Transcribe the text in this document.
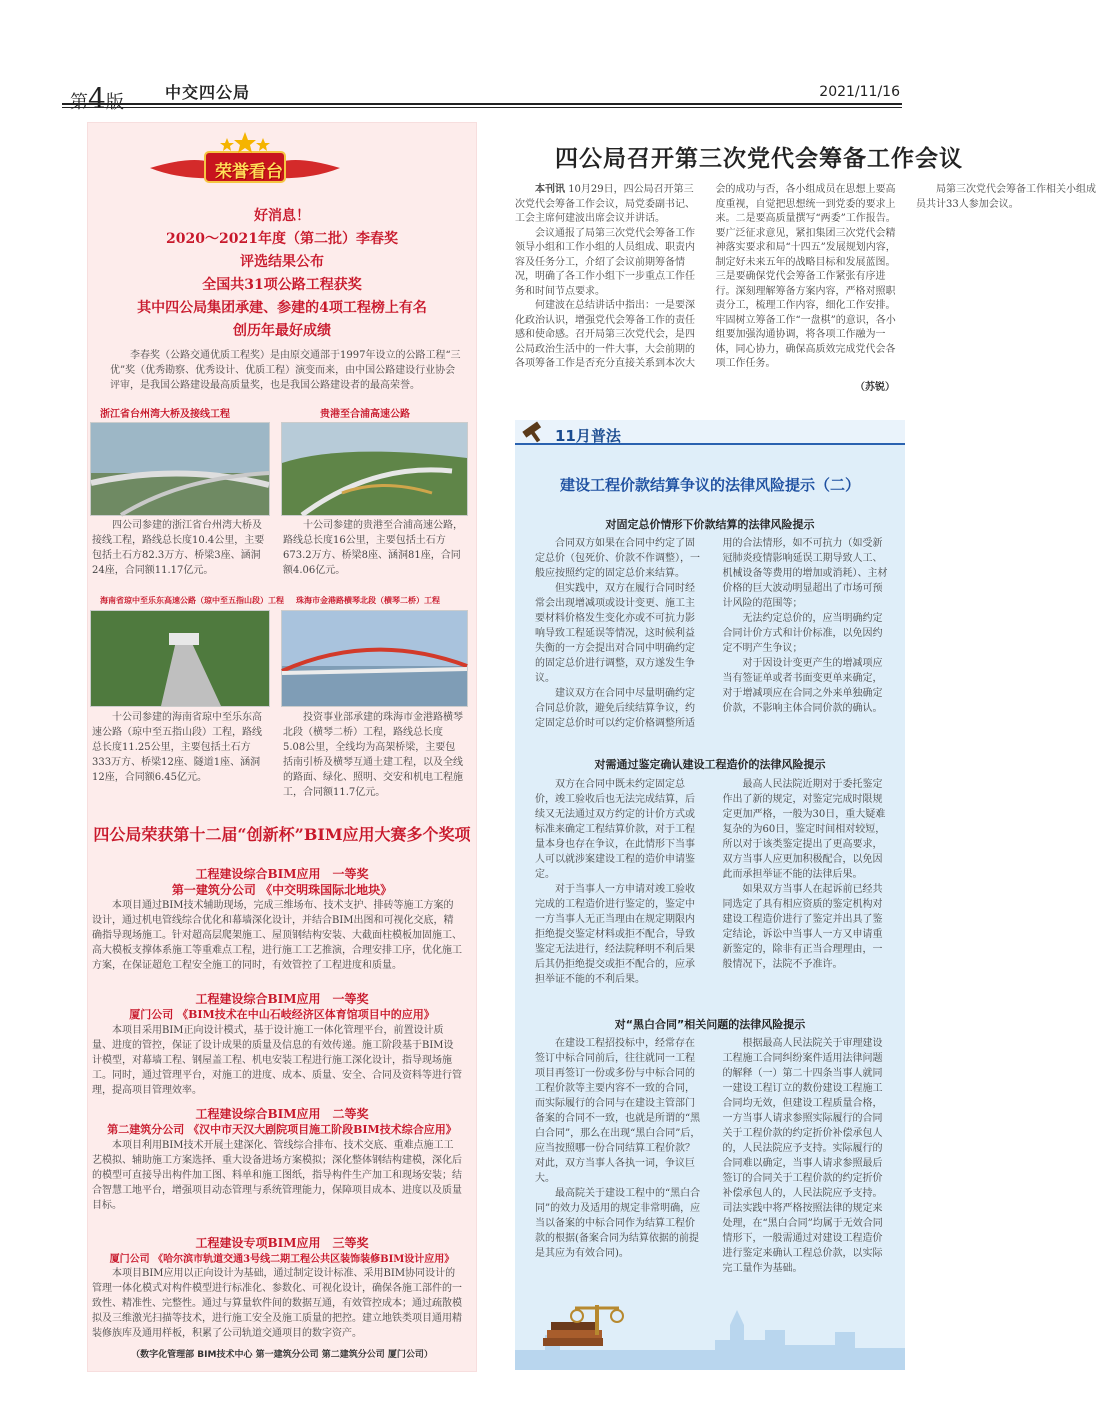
第4版	中交四公局	2021/11/16
荣誉看台
好消息！
2020～2021年度（第二批）李春奖
评选结果公布
全国共31项公路工程获奖
其中四公局集团承建、参建的4项工程榜上有名
创历年最好成绩

李春奖（公路交通优质工程奖）是由原交通部于1997年设立的公路工程“三优”奖（优秀勘察、优秀设计、优质工程）演变而来，由中国公路建设行业协会评审，是我国公路建设最高质量奖，也是我国公路建设者的最高荣誉。

浙江省台州湾大桥及接线工程	贵港至合浦高速公路

四公司参建的浙江省台州湾大桥及接线工程，路线总长度10.4公里，主要包括土石方82.3万方、桥梁3座、涵洞24座，合同额11.17亿元。

十公司参建的贵港至合浦高速公路，路线总长度16公里，主要包括土石方673.2万方、桥梁8座、涵洞81座，合同额4.06亿元。

海南省琼中至乐东高速公路（琼中至五指山段）工程 珠海市金港路横琴北段（横琴二桥）工程

十公司参建的海南省琼中至乐东高速公路（琼中至五指山段）工程，路线总长度11.25公里，主要包括土石方333万方、桥梁12座、隧道1座、涵洞12座，合同额6.45亿元。

投资事业部承建的珠海市金港路横琴北段（横琴二桥）工程，路线总长度5.08公里，全线均为高架桥梁，主要包括南引桥及横琴互通土建工程，以及全线的路面、绿化、照明、交安和机电工程施工，合同额11.7亿元。

四公局荣获第十二届“创新杯”BIM应用大赛多个奖项
工程建设综合BIM应用　一等奖
第一建筑分公司 《中交明珠国际北地块》

本项目通过BIM技术辅助现场，完成三维场布、技术支护、排砖等施工方案的设计，通过机电管线综合优化和幕墙深化设计，并结合BIM出图和可视化交底，精确指导现场施工。针对超高层爬架施工、屋顶钢结构安装、大截面柱模板加固施工、高大模板支撑体系施工等重难点工程，进行施工工艺推演，合理安排工序，优化施工方案，在保证超危工程安全施工的同时，有效管控了工程进度和质量。

工程建设综合BIM应用　一等奖
厦门公司 《BIM技术在中山石岐经济区体育馆项目中的应用》

本项目采用BIM正向设计模式，基于设计施工一体化管理平台，前置设计质量、进度的管控，保证了设计成果的质量及信息的有效传递。施工阶段基于BIM设计模型，对幕墙工程、钢屋盖工程、机电安装工程进行施工深化设计，指导现场施工。同时，通过管理平台，对施工的进度、成本、质量、安全、合同及资料等进行管理，提高项目管理效率。

工程建设综合BIM应用　二等奖
第二建筑分公司 《汉中市天汉大剧院项目施工阶段BIM技术综合应用》

本项目利用BIM技术开展土建深化、管线综合排布、技术交底、重难点施工工艺模拟、辅助施工方案选择、重大设备进场方案模拟；深化整体钢结构建模，深化后的模型可直接导出构件加工图、料单和施工图纸，指导构件生产加工和现场安装；结合智慧工地平台，增强项目动态管理与系统管理能力，保障项目成本、进度以及质量目标。

工程建设专项BIM应用　三等奖
厦门公司 《哈尔滨市轨道交通3号线二期工程公共区装饰装修BIM设计应用》

本项目BIM应用以正向设计为基础，通过制定设计标准、采用BIM协同设计的管理一体化模式对构件模型进行标准化、参数化、可视化设计，确保各施工部件的一致性、精准性、完整性。通过与算量软件间的数据互通，有效管控成本；通过疏散模拟及三维激光扫描等技术，进行施工安全及施工质量的把控。建立地铁类项目通用精装修族库及通用样板，积累了公司轨道交通项目的数字资产。

（数字化管理部 BIM技术中心 第一建筑分公司 第二建筑分公司 厦门公司）
四公局召开第三次党代会筹备工作会议

本刊讯 10月29日，四公局召开第三次党代会筹备工作会议，局党委副书记、工会主席何建波出席会议并讲话。

会议通报了局第三次党代会筹备工作领导小组和工作小组的人员组成、职责内容及任务分工，介绍了会议前期筹备情况，明确了各工作小组下一步重点工作任务和时间节点要求。

何建波在总结讲话中指出：一是要深化政治认识，增强党代会筹备工作的责任感和使命感。召开局第三次党代会，是四公局政治生活中的一件大事，大会前期的各项筹备工作是否充分直接关系到本次大会的成功与否，各小组成员在思想上要高度重视，自觉把思想统一到党委的要求上来。二是要高质量撰写“两委”工作报告。要广泛征求意见，紧扣集团三次党代会精神落实要求和局“十四五”发展规划内容，制定好未来五年的战略目标和发展蓝图。三是要确保党代会筹备工作紧张有序进行。深刻理解筹备方案内容，严格对照职责分工，梳理工作内容，细化工作安排。牢固树立筹备工作“一盘棋”的意识，各小组要加强沟通协调，将各项工作融为一体，同心协力，确保高质效完成党代会各项工作任务。

局第三次党代会筹备工作相关小组成员共计33人参加会议。

（苏锐）
11月普法
建设工程价款结算争议的法律风险提示（二）
对固定总价情形下价款结算的法律风险提示

合同双方如果在合同中约定了固定总价（包死价、价款不作调整），一般应按照约定的固定总价来结算。

但实践中，双方在履行合同时经常会出现增减项或设计变更、施工主要材料价格发生变化亦或不可抗力影响导致工程延误等情况，这时候利益失衡的一方会提出对合同中明确约定的固定总价进行调整，双方遂发生争议。

建议双方在合同中尽量明确约定合同总价款，避免后续结算争议，约定固定总价时可以约定价格调整所适用的合法情形，如不可抗力（如受新冠肺炎疫情影响延误工期导致人工、机械设备等费用的增加或消耗）、主材价格的巨大波动明显超出了市场可预计风险的范围等；

无法约定总价的，应当明确约定合同计价方式和计价标准，以免因约定不明产生争议；

对于因设计变更产生的增减项应当有签证单或者书面变更单来确定，对于增减项应在合同之外来单独确定价款，不影响主体合同价款的确认。

对需通过鉴定确认建设工程造价的法律风险提示

双方在合同中既未约定固定总价，竣工验收后也无法完成结算，后续又无法通过双方约定的计价方式或标准来确定工程结算价款，对于工程量本身也存在争议，在此情形下当事人可以就涉案建设工程的造价申请鉴定。

对于当事人一方申请对竣工验收完成的工程造价进行鉴定的，鉴定中一方当事人无正当理由在规定期限内拒绝提交鉴定材料或拒不配合，导致鉴定无法进行，经法院释明不利后果后其仍拒绝提交或拒不配合的，应承担举证不能的不利后果。

最高人民法院近期对于委托鉴定作出了新的规定，对鉴定完成时限规定更加严格，一般为30日，重大疑难复杂的为60日，鉴定时间相对较短，所以对于该类鉴定提出了更高要求，双方当事人应更加积极配合，以免因此而承担举证不能的法律后果。

如果双方当事人在起诉前已经共同选定了具有相应资质的鉴定机构对建设工程造价进行了鉴定并出具了鉴定结论，诉讼中当事人一方又申请重新鉴定的，除非有正当合理理由，一般情况下，法院不予准许。

对“黑白合同”相关问题的法律风险提示

在建设工程招投标中，经常存在签订中标合同前后，往往就同一工程项目再签订一份或多份与中标合同的工程价款等主要内容不一致的合同，而实际履行的合同与在建设主管部门备案的合同不一致，也就是所谓的“黑白合同”，那么在出现“黑白合同”后，应当按照哪一份合同结算工程价款？对此，双方当事人各执一词，争议巨大。

最高院关于建设工程中的“黑白合同”的效力及适用的规定非常明确，应当以备案的中标合同作为结算工程价款的根据(备案合同为结算依据的前提是其应为有效合同)。

根据最高人民法院关于审理建设工程施工合同纠纷案件适用法律问题的解释（一）第二十四条当事人就同一建设工程订立的数份建设工程施工合同均无效，但建设工程质量合格，一方当事人请求参照实际履行的合同关于工程价款的约定折价补偿承包人的，人民法院应予支持。实际履行的合同难以确定，当事人请求参照最后签订的合同关于工程价款的约定折价补偿承包人的，人民法院应予支持。司法实践中将严格按照法律的规定来处理，在“黑白合同”均属于无效合同情形下，一般需通过对建设工程造价进行鉴定来确认工程总价款，以实际完工量作为基础。
